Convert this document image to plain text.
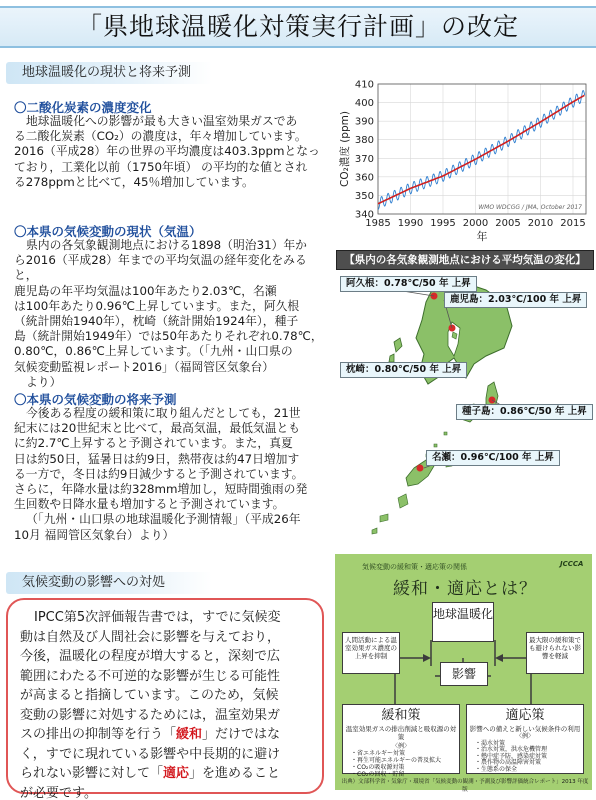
「県地球温暖化対策実行計画」の改定
地球温暖化の現状と将来予測
〇二酸化炭素の濃度変化
地球温暖化への影響が最も大きい温室効果ガスであ
る二酸化炭素（CO₂）の濃度は，年々増加しています。
2016（平成28）年の世界の平均濃度は403.3ppmとなっ
ており，工業化以前（1750年頃） の平均的な値とされ
る278ppmと比べて，45％増加しています。
〇本県の気候変動の現状（気温）
県内の各気象観測地点における1898（明治31）年か
ら2016（平成28）年までの平均気温の経年変化をみると，
鹿児島の年平均気温は100年あたり2.03℃，名瀬
は100年あたり0.96℃上昇しています。また，阿久根
（統計開始1940年），枕崎（統計開始1924年），種子
島（統計開始1949年）では50年あたりそれぞれ0.78℃，
0.80℃，0.86℃上昇しています。（「九州・山口県の
気候変動監視レポート2016」（福岡管区気象台）
より）
〇本県の気候変動の将来予測
今後ある程度の緩和策に取り組んだとしても，21世
紀末には20世紀末と比べて，最高気温，最低気温とも
に約2.7℃上昇すると予測されています。また，真夏
日は約50日，猛暑日は約9日，熱帯夜は約47日増加す
る一方で，冬日は約9日減少すると予測されています。
さらに，年降水量は約328mm増加し，短時間強雨の発
生回数や日降水量も増加すると予測されています。
（「九州・山口県の地球温暖化予測情報」（平成26年
10月 福岡管区気象台）より）
340
350
360
370
380
390
400
410
1985 1990 1995 2000 2005 2010 2015
CO₂濃度 (ppm)
年
WMO WDCGG / JMA, October 2017
【県内の各気象観測地点における平均気温の変化】
阿久根：0.78℃/50 年 上昇
鹿児島：2.03℃/100 年 上昇
枕崎：0.80℃/50 年 上昇
種子島：0.86℃/50 年 上昇
名瀬：0.96℃/100 年 上昇
気候変動の影響への対処
IPCC第5次評価報告書では，すでに気候変
動は自然及び人間社会に影響を与えており，
今後，温暖化の程度が増大すると，深刻で広
範囲にわたる不可逆的な影響が生じる可能性
が高まると指摘しています。このため，気候
変動の影響に対処するためには，温室効果ガ
スの排出の抑制等を行う「緩和」だけではな
く，すでに現れている影響や中長期的に避け
られない影響に対して「適応」を進めること
が必要です。
気候変動の緩和策・適応策の関係	JCCCA
緩和・適応とは？
地球温暖化
人間活動による温室効果ガス濃度の上昇を抑制
最大限の緩和策でも避けられない影響を軽減
影響
緩和策
温室効果ガスの排出削減と吸収源の対策
〈例〉
・省エネルギー対策
・再生可能エネルギーの普及拡大
・CO₂の吸収源対策
・CO₂の回収・貯留
適応策
影響への備えと新しい気候条件の利用
〈例〉
・渇水対策
・治水対策，洪水危機管理
・熱中症予防，感染症対策
・農作物の高温障害対策
・生態系の保全
出典）文部科学省・気象庁・環境省「気候変動の観測・予測及び影響評価統合レポート」2013 年度版
